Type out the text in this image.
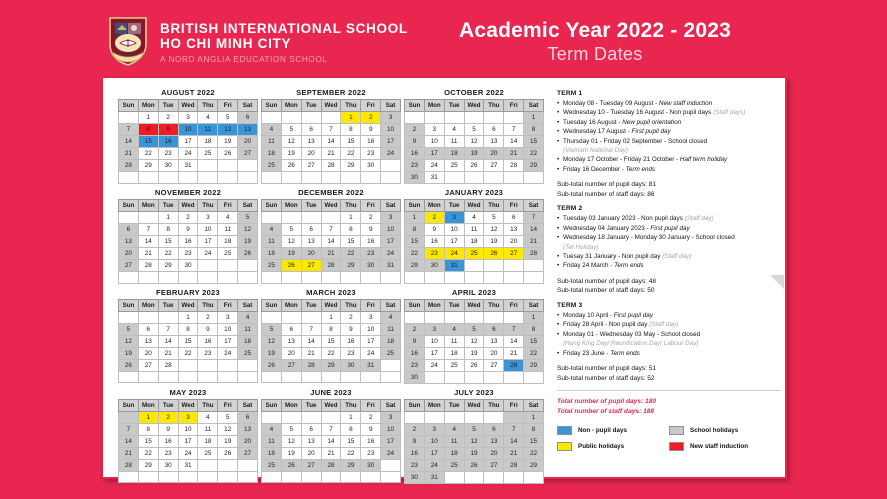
BRITISH INTERNATIONAL SCHOOL
HO CHI MINH CITY
A NORD ANGLIA EDUCATION SCHOOL
Academic Year 2022 - 2023
Term Dates
AUGUST 2022
Sun	Mon	Tue	Wed	Thu	Fri	Sat
	1	2	3	4	5	6
7	8	9	10	11	12	13
14	15	16	17	18	19	20
21	22	23	24	25	26	27
28	29	30	31			

SEPTEMBER 2022
Sun	Mon	Tue	Wed	Thu	Fri	Sat
				1	2	3
4	5	6	7	8	9	10
11	12	13	14	15	16	17
18	19	20	21	22	23	24
25	26	27	28	29	30	

OCTOBER 2022
Sun	Mon	Tue	Wed	Thu	Fri	Sat
						1
2	3	4	5	6	7	8
9	10	11	12	13	14	15
16	17	18	19	20	21	22
23	24	25	26	27	28	29
30	31					
NOVEMBER 2022
Sun	Mon	Tue	Wed	Thu	Fri	Sat
		1	2	3	4	5
6	7	8	9	10	11	12
13	14	15	16	17	18	19
20	21	22	23	24	25	26
27	28	29	30			

DECEMBER 2022
Sun	Mon	Tue	Wed	Thu	Fri	Sat
				1	2	3
4	5	6	7	8	9	10
11	12	13	14	15	16	17
18	19	20	21	22	23	24
25	26	27	28	29	30	31

JANUARY 2023
Sun	Mon	Tue	Wed	Thu	Fri	Sat
1	2	3	4	5	6	7
8	9	10	11	12	13	14
15	16	17	18	19	20	21
22	23	24	25	26	27	28
29	30	31				

FEBRUARY 2023
Sun	Mon	Tue	Wed	Thu	Fri	Sat
			1	2	3	4
5	6	7	8	9	10	11
12	13	14	15	16	17	18
19	20	21	22	23	24	25
26	27	28				

MARCH 2023
Sun	Mon	Tue	Wed	Thu	Fri	Sat
			1	2	3	4
5	6	7	8	9	10	11
12	13	14	15	16	17	18
19	20	21	22	23	24	25
26	27	28	29	30	31	

APRIL 2023
Sun	Mon	Tue	Wed	Thu	Fri	Sat
						1
2	3	4	5	6	7	8
9	10	11	12	13	14	15
16	17	18	19	20	21	22
23	24	25	26	27	28	29
30						
MAY 2023
Sun	Mon	Tue	Wed	Thu	Fri	Sat
	1	2	3	4	5	6
7	8	9	10	11	12	13
14	15	16	17	18	19	20
21	22	23	24	25	26	27
28	29	30	31			

JUNE 2023
Sun	Mon	Tue	Wed	Thu	Fri	Sat
				1	2	3
4	5	6	7	8	9	10
11	12	13	14	15	16	17
18	19	20	21	22	23	24
25	26	27	28	29	30	

JULY 2023
Sun	Mon	Tue	Wed	Thu	Fri	Sat
						1
2	3	4	5	6	7	8
9	10	11	12	13	14	15
16	17	18	19	20	21	22
23	24	25	26	27	28	29
30	31					
TERM 1
• Monday 08 - Tuesday 09 August - New staff induction
• Wednesday 10 - Tuesday 16 August - Non pupil days (Staff days)
• Tuesday 16 August - New pupil orientation
• Wednesday 17 August - First pupil day
• Thursday 01 - Friday 02 September - School closed
(Vietnam National Day)
• Monday 17 October - Friday 21 October - Half term holiday
• Friday 16 December - Term ends
Sub-total number of pupil days: 81
Sub-total number of staff days: 86
TERM 2
• Tuesday 03 January 2023 - Non pupil days (Staff day)
• Wednesday 04 January 2023 - First pupil day
• Wednesday 18 January - Monday 30 January - School closed
(Tet Holiday)
• Tuesay 31 January - Non pupil day (Staff day)
• Friday 24 March - Term ends
Sub-total number of pupil days: 48
Sub-total number of staff days: 50
TERM 3
• Monday 10 April - First pupil day
• Friday 28 April - Non pupil day (Staff day)
• Monday 01 - Wednesday 03 May - School closed
(Hung King Day/ Reunification Day/ Labour Day)
• Friday 23 June - Term ends
Sub-total number of pupil days: 51
Sub-total number of staff days: 52
Total number of pupil days: 180
Total number of staff days: 188
Non - pupil days	School holidays
Public holidays	New staff induction
